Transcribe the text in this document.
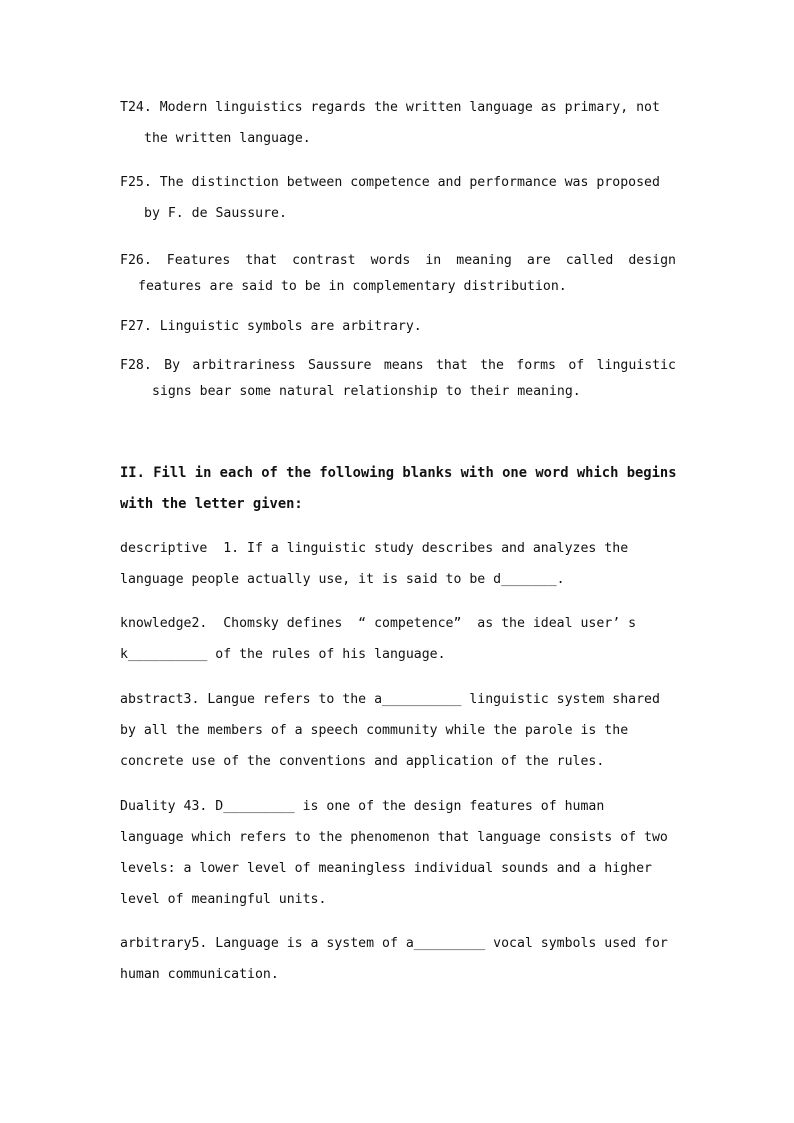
T24. Modern linguistics regards the written language as primary, not
the written language.
F25. The distinction between competence and performance was proposed
by F. de Saussure.
F26. Features that contrast words in meaning are called design
features are said to be in complementary distribution.
F27. Linguistic symbols are arbitrary.
F28. By arbitrariness Saussure means that the forms of linguistic
signs bear some natural relationship to their meaning.
II. Fill in each of the following blanks with one word which begins
with the letter given:
descriptive  1. If a linguistic study describes and analyzes the
language people actually use, it is said to be d_______.
knowledge2.  Chomsky defines  “ competence”  as the ideal user’ s
k__________ of the rules of his language.
abstract3. Langue refers to the a__________ linguistic system shared
by all the members of a speech community while the parole is the
concrete use of the conventions and application of the rules.
Duality 43. D_________ is one of the design features of human
language which refers to the phenomenon that language consists of two
levels: a lower level of meaningless individual sounds and a higher
level of meaningful units.
arbitrary5. Language is a system of a_________ vocal symbols used for
human communication.
